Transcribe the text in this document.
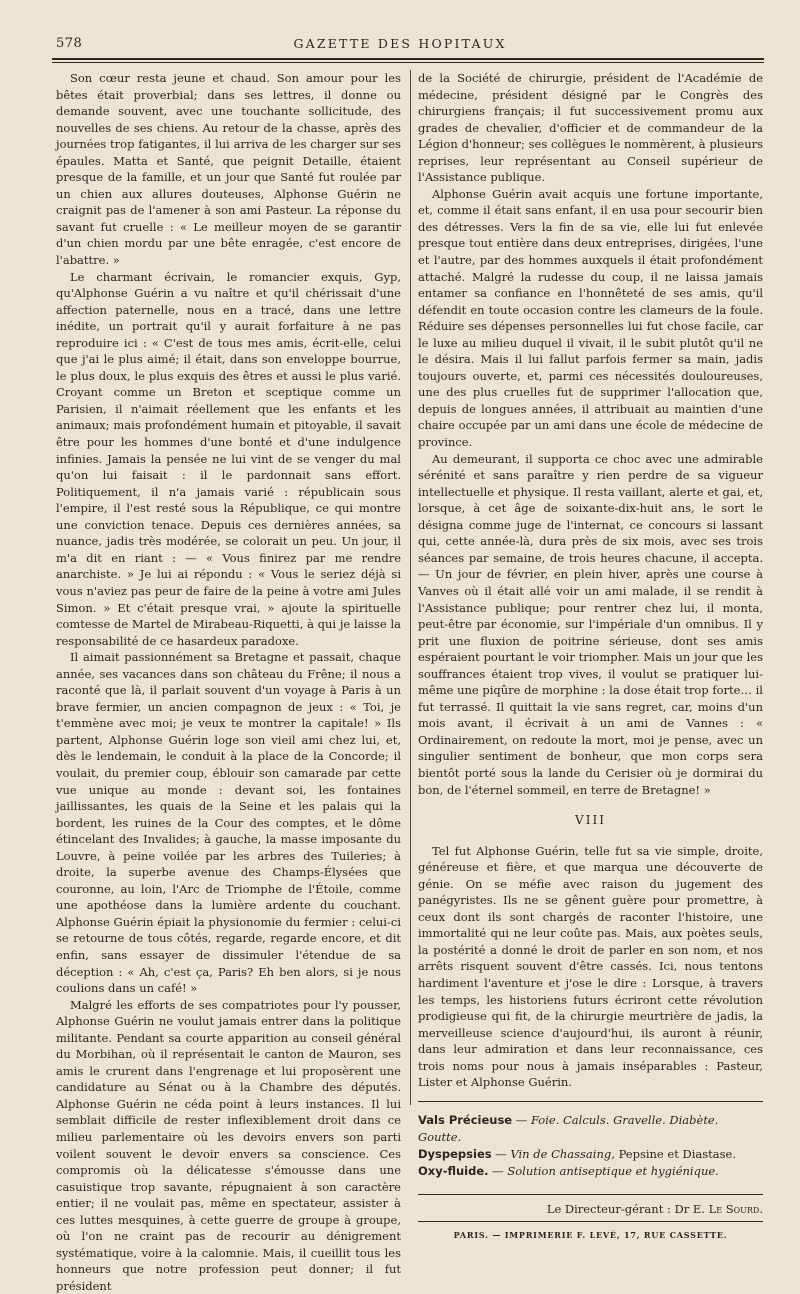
578	GAZETTE DES HOPITAUX

Son cœur resta jeune et chaud. Son amour pour les bêtes était proverbial; dans ses lettres, il donne ou demande souvent, avec une touchante sollicitude, des nouvelles de ses chiens. Au retour de la chasse, après des journées trop fatigantes, il lui arriva de les charger sur ses épaules. Matta et Santé, que peignit Detaille, étaient presque de la famille, et un jour que Santé fut roulée par un chien aux allures douteuses, Alphonse Guérin ne craignit pas de l'amener à son ami Pasteur. La réponse du savant fut cruelle : « Le meilleur moyen de se garantir d'un chien mordu par une bête enragée, c'est encore de l'abattre. »

Le charmant écrivain, le romancier exquis, Gyp, qu'Alphonse Guérin a vu naître et qu'il chérissait d'une affection paternelle, nous en a tracé, dans une lettre inédite, un portrait qu'il y aurait forfaiture à ne pas reproduire ici : « C'est de tous mes amis, écrit-elle, celui que j'ai le plus aimé; il était, dans son enveloppe bourrue, le plus doux, le plus exquis des êtres et aussi le plus varié. Croyant comme un Breton et sceptique comme un Parisien, il n'aimait réellement que les enfants et les animaux; mais profondément humain et pitoyable, il savait être pour les hommes d'une bonté et d'une indulgence infinies. Jamais la pensée ne lui vint de se venger du mal qu'on lui faisait : il le pardonnait sans effort. Politiquement, il n'a jamais varié : républicain sous l'empire, il l'est resté sous la République, ce qui montre une conviction tenace. Depuis ces dernières années, sa nuance, jadis très modérée, se colorait un peu. Un jour, il m'a dit en riant : — « Vous finirez par me rendre anarchiste. » Je lui ai répondu : « Vous le seriez déjà si vous n'aviez pas peur de faire de la peine à votre ami Jules Simon. » Et c'était presque vrai, » ajoute la spirituelle comtesse de Martel de Mirabeau-Riquetti, à qui je laisse la responsabilité de ce hasardeux paradoxe.

Il aimait passionnément sa Bretagne et passait, chaque année, ses vacances dans son château du Frêne; il nous a raconté que là, il parlait souvent d'un voyage à Paris à un brave fermier, un ancien compagnon de jeux : « Toi, je t'emmène avec moi; je veux te montrer la capitale! » Ils partent, Alphonse Guérin loge son vieil ami chez lui, et, dès le lendemain, le conduit à la place de la Concorde; il voulait, du premier coup, éblouir son camarade par cette vue unique au monde : devant soi, les fontaines jaillissantes, les quais de la Seine et les palais qui la bordent, les ruines de la Cour des comptes, et le dôme étincelant des Invalides; à gauche, la masse imposante du Louvre, à peine voilée par les arbres des Tuileries; à droite, la superbe avenue des Champs-Élysées que couronne, au loin, l'Arc de Triomphe de l'Étoile, comme une apothéose dans la lumière ardente du couchant. Alphonse Guérin épiait la physionomie du fermier : celui-ci se retourne de tous côtés, regarde, regarde encore, et dit enfin, sans essayer de dissimuler l'étendue de sa déception : « Ah, c'est ça, Paris? Eh ben alors, si je nous coulions dans un café! »

Malgré les efforts de ses compatriotes pour l'y pousser, Alphonse Guérin ne voulut jamais entrer dans la politique militante. Pendant sa courte apparition au conseil général du Morbihan, où il représentait le canton de Mauron, ses amis le crurent dans l'engrenage et lui proposèrent une candidature au Sénat ou à la Chambre des députés. Alphonse Guérin ne céda point à leurs instances. Il lui semblait difficile de rester inflexiblement droit dans ce milieu parlementaire où les devoirs envers son parti voilent souvent le devoir envers sa conscience. Ces compromis où la délicatesse s'émousse dans une casuistique trop savante, répugnaient à son caractère entier; il ne voulait pas, même en spectateur, assister à ces luttes mesquines, à cette guerre de groupe à groupe, où l'on ne craint pas de recourir au dénigrement systématique, voire à la calomnie. Mais, il cueillit tous les honneurs que notre profession peut donner; il fut président

de la Société de chirurgie, président de l'Académie de médecine, président désigné par le Congrès des chirurgiens français; il fut successivement promu aux grades de chevalier, d'officier et de commandeur de la Légion d'honneur; ses collègues le nommèrent, à plusieurs reprises, leur représentant au Conseil supérieur de l'Assistance publique.

Alphonse Guérin avait acquis une fortune importante, et, comme il était sans enfant, il en usa pour secourir bien des détresses. Vers la fin de sa vie, elle lui fut enlevée presque tout entière dans deux entreprises, dirigées, l'une et l'autre, par des hommes auxquels il était profondément attaché. Malgré la rudesse du coup, il ne laissa jamais entamer sa confiance en l'honnêteté de ses amis, qu'il défendit en toute occasion contre les clameurs de la foule. Réduire ses dépenses personnelles lui fut chose facile, car le luxe au milieu duquel il vivait, il le subit plutôt qu'il ne le désira. Mais il lui fallut parfois fermer sa main, jadis toujours ouverte, et, parmi ces nécessités douloureuses, une des plus cruelles fut de supprimer l'allocation que, depuis de longues années, il attribuait au maintien d'une chaire occupée par un ami dans une école de médecine de province.

Au demeurant, il supporta ce choc avec une admirable sérénité et sans paraître y rien perdre de sa vigueur intellectuelle et physique. Il resta vaillant, alerte et gai, et, lorsque, à cet âge de soixante-dix-huit ans, le sort le désigna comme juge de l'internat, ce concours si lassant qui, cette année-là, dura près de six mois, avec ses trois séances par semaine, de trois heures chacune, il accepta. — Un jour de février, en plein hiver, après une course à Vanves où il était allé voir un ami malade, il se rendit à l'Assistance publique; pour rentrer chez lui, il monta, peut-être par économie, sur l'impériale d'un omnibus. Il y prit une fluxion de poitrine sérieuse, dont ses amis espéraient pourtant le voir triompher. Mais un jour que les souffrances étaient trop vives, il voulut se pratiquer lui-même une piqûre de morphine : la dose était trop forte… il fut terrassé. Il quittait la vie sans regret, car, moins d'un mois avant, il écrivait à un ami de Vannes : « Ordinairement, on redoute la mort, moi je pense, avec un singulier sentiment de bonheur, que mon corps sera bientôt porté sous la lande du Cerisier où je dormirai du bon, de l'éternel sommeil, en terre de Bretagne! »

VIII

Tel fut Alphonse Guérin, telle fut sa vie simple, droite, généreuse et fière, et que marqua une découverte de génie. On se méfie avec raison du jugement des panégyristes. Ils ne se gênent guère pour promettre, à ceux dont ils sont chargés de raconter l'histoire, une immortalité qui ne leur coûte pas. Mais, aux poètes seuls, la postérité a donné le droit de parler en son nom, et nos arrêts risquent souvent d'être cassés. Ici, nous tentons hardiment l'aventure et j'ose le dire : Lorsque, à travers les temps, les historiens futurs écriront cette révolution prodigieuse qui fit, de la chirurgie meurtrière de jadis, la merveilleuse science d'aujourd'hui, ils auront à réunir, dans leur admiration et dans leur reconnaissance, ces trois noms pour nous à jamais inséparables : Pasteur, Lister et Alphonse Guérin.

Vals Précieuse — Foie. Calculs. Gravelle. Diabète. Goutte.
Dyspepsies — Vin de Chassaing, Pepsine et Diastase.
Oxy-fluide. — Solution antiseptique et hygiénique.
Le Directeur-gérant : Dr E. Le Sourd.
PARIS. — IMPRIMERIE F. LEVÉ, 17, RUE CASSETTE.
